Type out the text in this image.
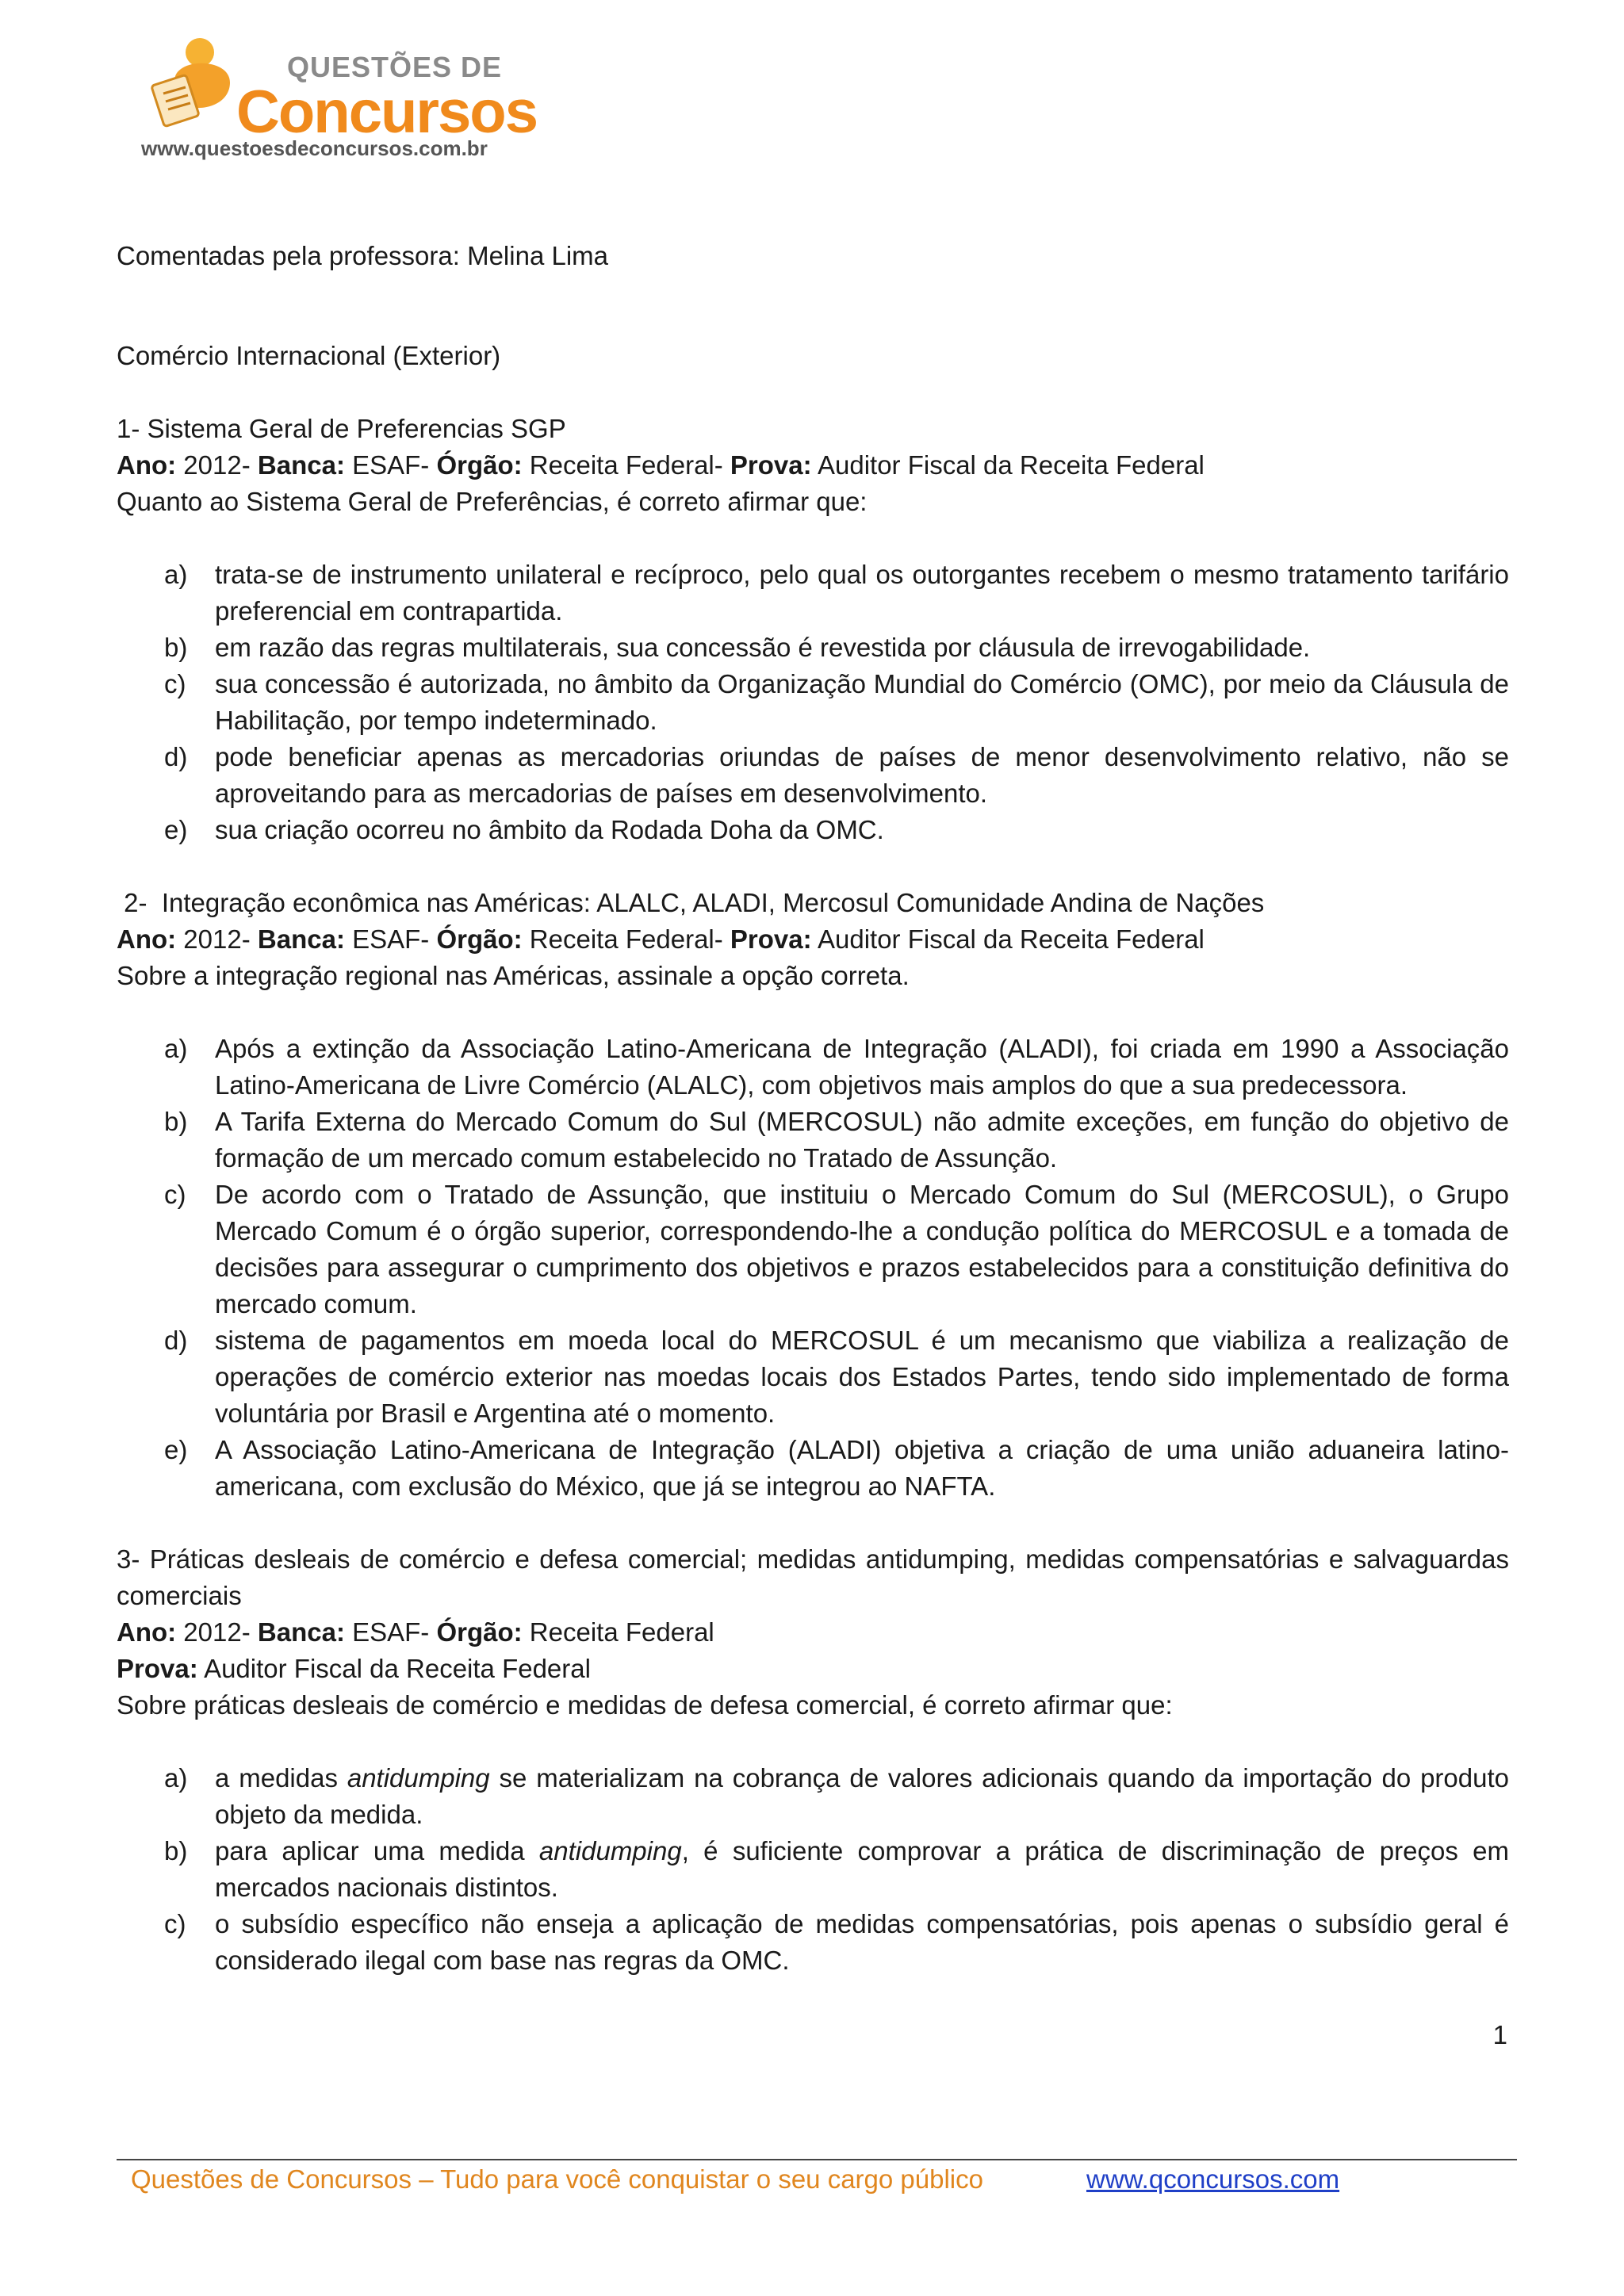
QUESTÕES DE
Concursos
www.questoesdeconcursos.com.br

Comentadas pela professora: Melina Lima

Comércio Internacional (Exterior)

1- Sistema Geral de Preferencias SGP

Ano: 2012- Banca: ESAF- Órgão: Receita Federal- Prova: Auditor Fiscal da Receita Federal

Quanto ao Sistema Geral de Preferências, é correto afirmar que:

a) trata-se de instrumento unilateral e recíproco, pelo qual os outorgantes recebem o mesmo tratamento tarifário preferencial em contrapartida.
b) em razão das regras multilaterais, sua concessão é revestida por cláusula de irrevogabilidade.
c) sua concessão é autorizada, no âmbito da Organização Mundial do Comércio (OMC), por meio da Cláusula de Habilitação, por tempo indeterminado.
d) pode beneficiar apenas as mercadorias oriundas de países de menor desenvolvimento relativo, não se aproveitando para as mercadorias de países em desenvolvimento.
e) sua criação ocorreu no âmbito da Rodada Doha da OMC.

2-  Integração econômica nas Américas: ALALC, ALADI, Mercosul Comunidade Andina de Nações

Ano: 2012- Banca: ESAF- Órgão: Receita Federal- Prova: Auditor Fiscal da Receita Federal

Sobre a integração regional nas Américas, assinale a opção correta.

a) Após a extinção da Associação Latino-Americana de Integração (ALADI), foi criada em 1990 a Associação Latino-Americana de Livre Comércio (ALALC), com objetivos mais amplos do que a sua predecessora.
b) A Tarifa Externa do Mercado Comum do Sul (MERCOSUL) não admite exceções, em função do objetivo de formação de um mercado comum estabelecido no Tratado de Assunção.
c) De acordo com o Tratado de Assunção, que instituiu o Mercado Comum do Sul (MERCOSUL), o Grupo Mercado Comum é o órgão superior, correspondendo-lhe a condução política do MERCOSUL e a tomada de decisões para assegurar o cumprimento dos objetivos e prazos estabelecidos para a constituição definitiva do mercado comum.
d) sistema de pagamentos em moeda local do MERCOSUL é um mecanismo que viabiliza a realização de operações de comércio exterior nas moedas locais dos Estados Partes, tendo sido implementado de forma voluntária por Brasil e Argentina até o momento.
e) A Associação Latino-Americana de Integração (ALADI) objetiva a criação de uma união aduaneira latino-americana, com exclusão do México, que já se integrou ao NAFTA.

3- Práticas desleais de comércio e defesa comercial; medidas antidumping, medidas compensatórias e salvaguardas comerciais

Ano: 2012- Banca: ESAF- Órgão: Receita Federal

Prova: Auditor Fiscal da Receita Federal

Sobre práticas desleais de comércio e medidas de defesa comercial, é correto afirmar que:

a) a medidas antidumping se materializam na cobrança de valores adicionais quando da importação do produto objeto da medida.
b) para aplicar uma medida antidumping, é suficiente comprovar a prática de discriminação de preços em mercados nacionais distintos.
c) o subsídio específico não enseja a aplicação de medidas compensatórias, pois apenas o subsídio geral é considerado ilegal com base nas regras da OMC.
1
Questões de Concursos – Tudo para você conquistar o seu cargo público	www.qconcursos.com
